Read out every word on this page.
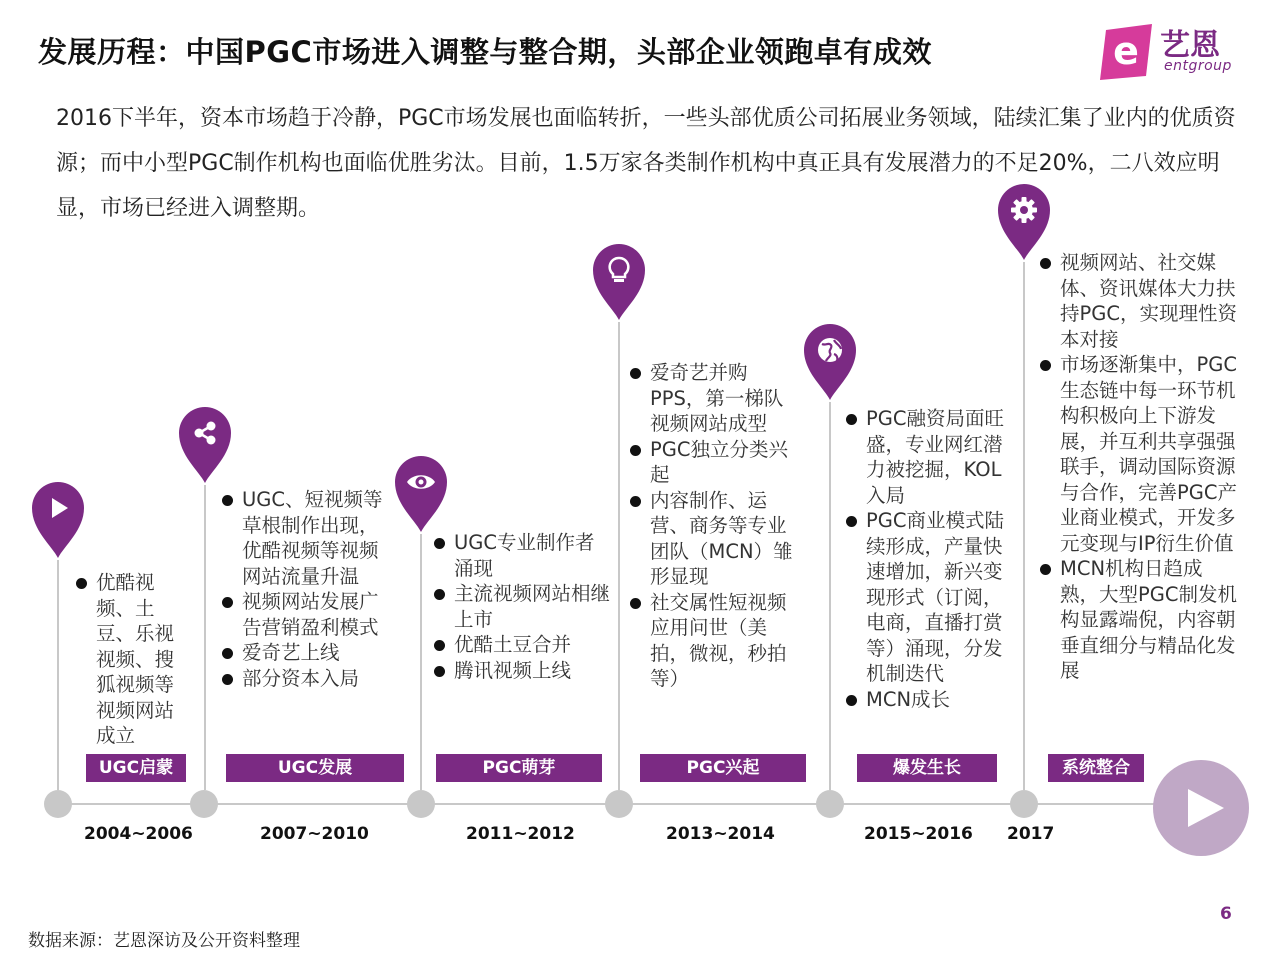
发展历程：中国PGC市场进入调整与整合期，头部企业领跑卓有成效	e 艺恩
entgroup

2016下半年，资本市场趋于冷静，PGC市场发展也面临转折，一些头部优质公司拓展业务领域，陆续汇集了业内的优质资源；而中小型PGC制作机构也面临优胜劣汰。目前，1.5万家各类制作机构中真正具有发展潜力的不足20%，二八效应明显，市场已经进入调整期。

优酷视频、土豆、乐视视频、搜狐视频等视频网站成立
UGC启蒙
UGC、短视频等草根制作出现，优酷视频等视频网站流量升温
视频网站发展广告营销盈利模式
爱奇艺上线
部分资本入局
UGC发展
UGC专业制作者涌现
主流视频网站相继上市
优酷土豆合并
腾讯视频上线
PGC萌芽
爱奇艺并购PPS，第一梯队视频网站成型
PGC独立分类兴起
内容制作、运营、商务等专业团队（MCN）雏形显现
社交属性短视频应用问世（美拍，微视，秒拍等）
PGC兴起
PGC融资局面旺盛，专业网红潜力被挖掘，KOL入局
PGC商业模式陆续形成，产量快速增加，新兴变现形式（订阅，电商，直播打赏等）涌现，分发机制迭代
MCN成长
爆发生长
视频网站、社交媒体、资讯媒体大力扶持PGC，实现理性资本对接
市场逐渐集中，PGC生态链中每一环节机构积极向上下游发展，并互利共享强强联手，调动国际资源与合作，完善PGC产业商业模式，开发多元变现与IP衍生价值
MCN机构日趋成熟，大型PGC制发机构显露端倪，内容朝垂直细分与精品化发展
系统整合
2004~2006	2007~2010	2011~2012	2013~2014	2015~2016 2017
6
数据来源：艺恩深访及公开资料整理
